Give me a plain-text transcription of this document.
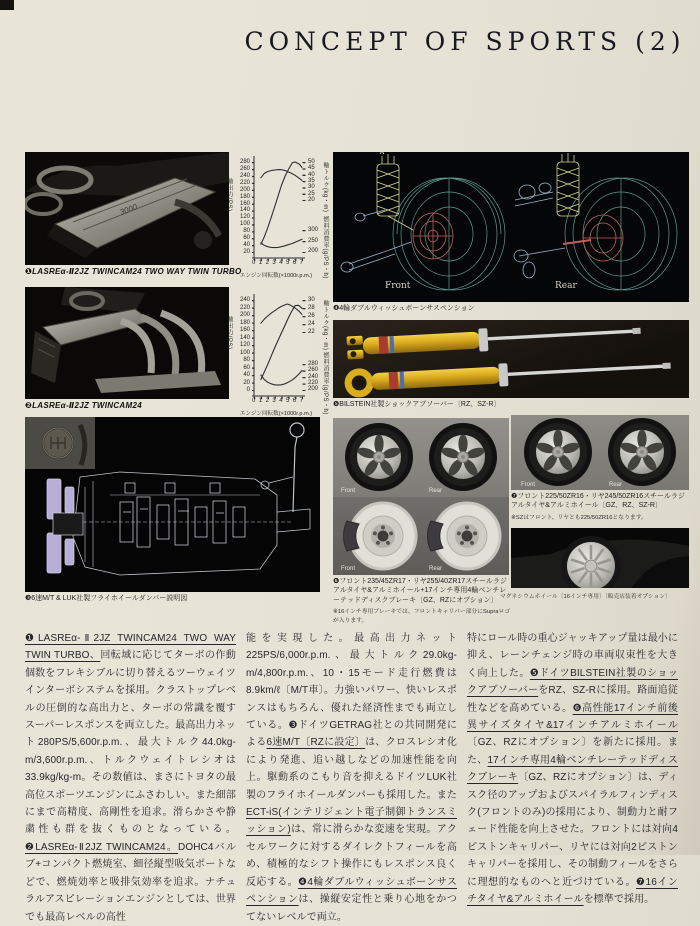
CONCEPT OF SPORTS (2)
3000
❶LASREα-Ⅱ2JZ TWINCAM24 TWO WAY TWIN TURBO
❷LASREα-Ⅱ2JZ TWINCAM24
軸出力(PS)
280
260
240
220
200
180
160
140
120
100
80
60
40
20
50
45
40
35
30
25
20
300
250
200
軸トルク(kg・m)
燃料消費率(g/PS・h)
0 1 2 3 4 5 6 7
エンジン回転数(×1000r.p.m.)
軸出力(PS)
240
220
200
180
160
140
120
100
80
60
40
20
0
30
28
26
24
22
280
260
240
220
200
軸トルク(kg・m)
燃料消費率(g/PS・h)
0 1 2 3 4 5 6 7
エンジン回転数(×1000r.p.m.)
❸6速M/T & LUK社製フライホイールダンパー説明図
Front	Rear
❹4輪ダブルウィッシュボーンサスペンション
❺BILSTEIN社製ショックアブソーバー〔RZ、SZ-R〕
Front	Rear
Front	Rear
❻フロント235/45ZR17・リヤ255/40ZR17スチールラジアルタイヤ&アルミホイール+17インチ専用4輪ベンチレーテッドディスクブレーキ〔GZ、RZにオプション〕
※16インチ専用ブレーキでは、フロントキャリパー部分にSupraロゴが入ります。
Front	Rear
❼フロント225/50ZR16・リヤ245/50ZR16スチールラジアルタイヤ&アルミホイール〔GZ、RZ、SZ-R〕
※SZはフロント、リヤとも225/50ZR16となります。
マグネシウムホイール〔16インチ専用〕〔販売店装着オプション〕
❶LASREα-Ⅱ2JZ TWINCAM24 TWO WAY TWIN TURBO、回転域に応じてターボの作動個数をフレキシブルに切り替えるツーウェイツインターボシステムを採用。クラストップレベルの圧倒的な高出力と、ターボの常識を覆すスーパーレスポンスを両立した。最高出力ネット280PS/5,600r.p.m.、最大トルク44.0kg-m/3,600r.p.m.、トルクウェイトレシオは33.9kg/kg-m。その数値は、まさにトヨタの最高位スポーツエンジンにふさわしい。また細部にまで高精度、高剛性を追求。滑らかさや静粛性も群を抜くものとなっている。❷LASREα-Ⅱ2JZ TWINCAM24。DOHC4バルブ+コンパクト燃焼室、細径縦型吸気ポートなどで、燃焼効率と吸排気効率を追求。ナチュラルアスピレーションエンジンとしては、世界でも最高レベルの高性
能を実現した。最高出力ネット225PS/6,000r.p.m.、最大トルク29.0kg-m/4,800r.p.m.、10・15モード走行燃費は8.9km/ℓ〔M/T車〕。力強いパワー、快いレスポンスはもちろん、優れた経済性までも両立している。❸ドイツGETRAG社との共同開発による6速M/T〔RZに設定〕は、クロスレシオ化により発進、追い越しなどの加速性能を向上。駆動系のこもり音を抑えるドイツLUK社製のフライホイールダンパーも採用した。またECT-iS(インテリジェント電子制御トランスミッション)は、常に滑らかな変速を実現。アクセルワークに対するダイレクトフィールを高め、積極的なシフト操作にもレスポンス良く反応する。❹4輪ダブルウィッシュボーンサスペンションは、操縦安定性と乗り心地をかつてないレベルで両立。
特にロール時の重心ジャッキアップ量は最小に抑え、レーンチェンジ時の車両収束性を大きく向上した。❺ドイツBILSTEIN社製のショックアブソーバーをRZ、SZ-Rに採用。路面追従性などを高めている。❻高性能17インチ前後異サイズタイヤ&17インチアルミホイール〔GZ、RZにオプション〕を新たに採用。また、17インチ専用4輪ベンチレーテッドディスクブレーキ〔GZ、RZにオプション〕は、ディスク径のアップおよびスパイラルフィンディスク(フロントのみ)の採用により、制動力と耐フェード性能を向上させた。フロントには対向4ピストンキャリパー、リヤには対向2ピストンキャリパーを採用し、その制動フィールをさらに理想的なものへと近づけている。❼16インチタイヤ&アルミホイールを標準で採用。
